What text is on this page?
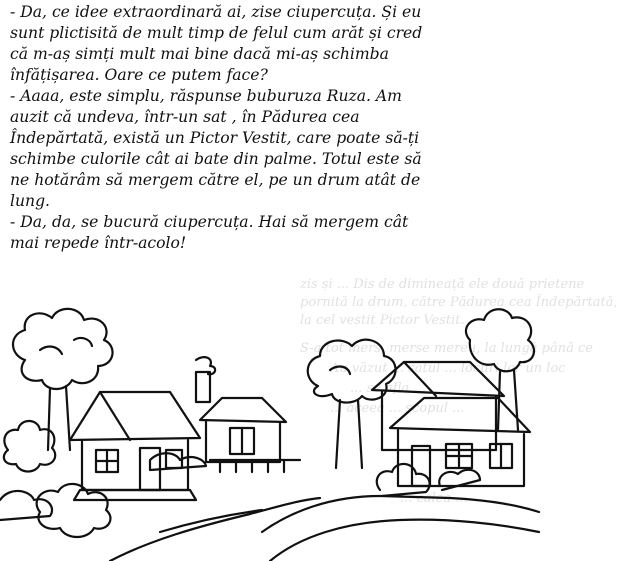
zis și ... Dis de dimineață ele două prietene
pornită la drum, către Pădurea cea Îndepărtată,
la cel vestit Pictor Vestit.
S-a tot mers, merse mereu, la lungă până ce
Au văzut ... satul ... locuri lor un loc
... se afla ...
... aceea ... scopul ...
... calea ...
- Da, ce idee extraordinară ai, zise ciupercuța. Și eu
sunt plictisită de mult timp de felul cum arăt și cred
că m-aș simți mult mai bine dacă mi-aș schimba
înfățișarea. Oare ce putem face?
- Aaaa, este simplu, răspunse buburuza Ruza. Am
auzit că undeva, într-un sat , în Pădurea cea
Îndepărtată, există un Pictor Vestit, care poate să-ți
schimbe culorile cât ai bate din palme. Totul este să
ne hotărâm să mergem către el, pe un drum atât de
lung.
- Da, da, se bucură ciupercuța. Hai să mergem cât
mai repede într-acolo!
